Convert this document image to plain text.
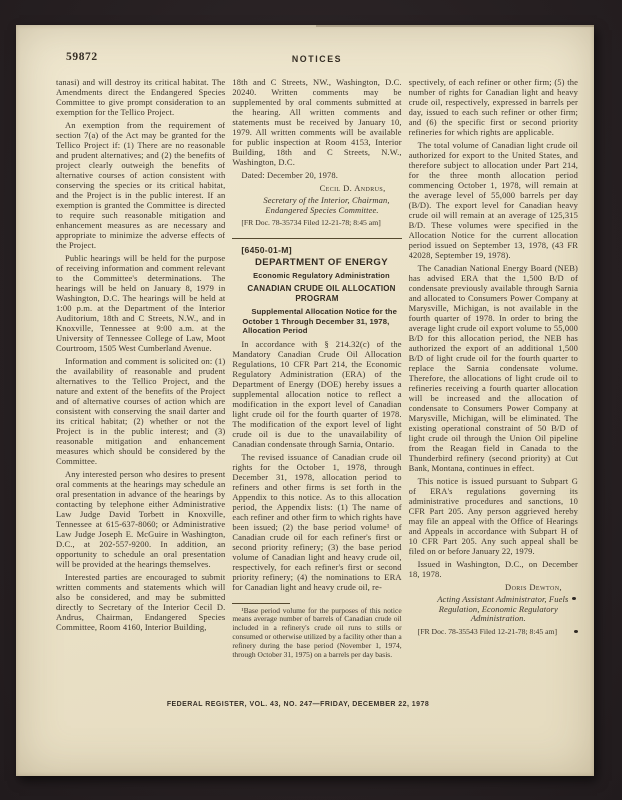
59872	NOTICES

tanasi) and will destroy its critical habitat. The Amendments direct the Endangered Species Committee to give prompt consideration to an exemption for the Tellico Project.

An exemption from the requirement of section 7(a) of the Act may be granted for the Tellico Project if: (1) There are no reasonable and prudent alternatives; and (2) the benefits of project clearly outweigh the benefits of alternative courses of action consistent with conserving the species or its critical habitat, and the Project is in the public interest. If an exemption is granted the Committee is directed to require such reasonable mitigation and enhancement measures as are necessary and appropriate to minimize the adverse effects of the Project.

Public hearings will be held for the purpose of receiving information and comment relevant to the Committee's determinations. The hearings will be held on January 8, 1979 in Washington, D.C. The hearings will be held at 1:00 p.m. at the Department of the Interior Auditorium, 18th and C Streets, N.W., and in Knoxville, Tennessee at 9:00 a.m. at the University of Tennessee College of Law, Moot Courtroom, 1505 West Cumberland Avenue.

Information and comment is solicited on: (1) the availability of reasonable and prudent alternatives to the Tellico Project, and the nature and extent of the benefits of the Project and of alternative courses of action which are consistent with conserving the snail darter and its critical habitat; (2) whether or not the Project is in the public interest; and (3) reasonable mitigation and enhancement measures which should be considered by the Committee.

Any interested person who desires to present oral comments at the hearings may schedule an oral presentation in advance of the hearings by contacting by telephone either Administrative Law Judge David Torbett in Knoxville, Tennessee at 615-637-8060; or Administrative Law Judge Joseph E. McGuire in Washington, D.C., at 202-557-9200. In addition, an opportunity to schedule an oral presentation will be provided at the hearings themselves.

Interested parties are encouraged to submit written comments and statements which will also be considered, and may be submitted directly to Secretary of the Interior Cecil D. Andrus, Chairman, Endangered Species Committee, Room 4160, Interior Building,

18th and C Streets, NW., Washington, D.C. 20240. Written comments may be supplemented by oral comments submitted at the hearing. All written comments and statements must be received by January 10, 1979. All written comments will be available for public inspection at Room 4153, Interior Building, 18th and C Streets, N.W., Washington, D.C.

Dated: December 20, 1978.

Cecil D. Andrus,

Secretary of the Interior, Chairman, Endangered Species Committee.

[FR Doc. 78-35734 Filed 12-21-78; 8:45 am]

[6450-01-M]

DEPARTMENT OF ENERGY

Economic Regulatory Administration

CANADIAN CRUDE OIL ALLOCATION PROGRAM

Supplemental Allocation Notice for the October 1 Through December 31, 1978, Allocation Period

In accordance with § 214.32(c) of the Mandatory Canadian Crude Oil Allocation Regulations, 10 CFR Part 214, the Economic Regulatory Administration (ERA) of the Department of Energy (DOE) hereby issues a supplemental allocation notice to reflect a modification in the export level of Canadian light crude oil for the fourth quarter of 1978. The modification of the export level of light crude oil is due to the unavailability of Canadian condensate through Sarnia, Ontario.

The revised issuance of Canadian crude oil rights for the October 1, 1978, through December 31, 1978, allocation period to refiners and other firms is set forth in the Appendix to this notice. As to this allocation period, the Appendix lists: (1) The name of each refiner and other firm to which rights have been issued; (2) the base period volume¹ of Canadian crude oil for each refiner's first or second priority refinery; (3) the base period volume of Canadian light and heavy crude oil, respectively, for each refiner's first or second priority refinery; (4) the nominations to ERA for Canadian light and heavy crude oil, re-

¹Base period volume for the purposes of this notice means average number of barrels of Canadian crude oil included in a refinery's crude oil runs to stills or consumed or otherwise utilized by a facility other than a refinery during the base period (November 1, 1974, through October 31, 1975) on a barrels per day basis.

spectively, of each refiner or other firm; (5) the number of rights for Canadian light and heavy crude oil, respectively, expressed in barrels per day, issued to each such refiner or other firm; and (6) the specific first or second priority refineries for which rights are applicable.

The total volume of Canadian light crude oil authorized for export to the United States, and therefore subject to allocation under Part 214, for the three month allocation period commencing October 1, 1978, will remain at the average level of 55,000 barrels per day (B/D). The export level for Canadian heavy crude oil will remain at an average of 125,315 B/D. These volumes were specified in the Allocation Notice for the current allocation period issued on September 13, 1978, (43 FR 42028, September 19, 1978).

The Canadian National Energy Board (NEB) has advised ERA that the 1,500 B/D of condensate previously available through Sarnia and allocated to Consumers Power Company at Marysville, Michigan, is not available in the fourth quarter of 1978. In order to bring the average light crude oil export volume to 55,000 B/D for this allocation period, the NEB has authorized the export of an additional 1,500 B/D of light crude oil for the fourth quarter to replace the Sarnia condensate volume. Therefore, the allocations of light crude oil to refineries receiving a fourth quarter allocation will be increased and the allocation of condensate to Consumers Power Company at Marysville, Michigan, will be eliminated. The existing operational constraint of 50 B/D of light crude oil through the Union Oil pipeline from the Reagan field in Canada to the Thunderbird refinery (second priority) at Cut Bank, Montana, continues in effect.

This notice is issued pursuant to Subpart G of ERA's regulations governing its administrative procedures and sanctions, 10 CFR Part 205. Any person aggrieved hereby may file an appeal with the Office of Hearings and Appeals in accordance with Subpart H of 10 CFR Part 205. Any such appeal shall be filed on or before January 22, 1979.

Issued in Washington, D.C., on December 18, 1978.

Doris Dewton,

Acting Assistant Administrator, Fuels Regulation, Economic Regulatory Administration.

[FR Doc. 78-35543 Filed 12-21-78; 8:45 am]

FEDERAL REGISTER, VOL. 43, NO. 247—FRIDAY, DECEMBER 22, 1978
